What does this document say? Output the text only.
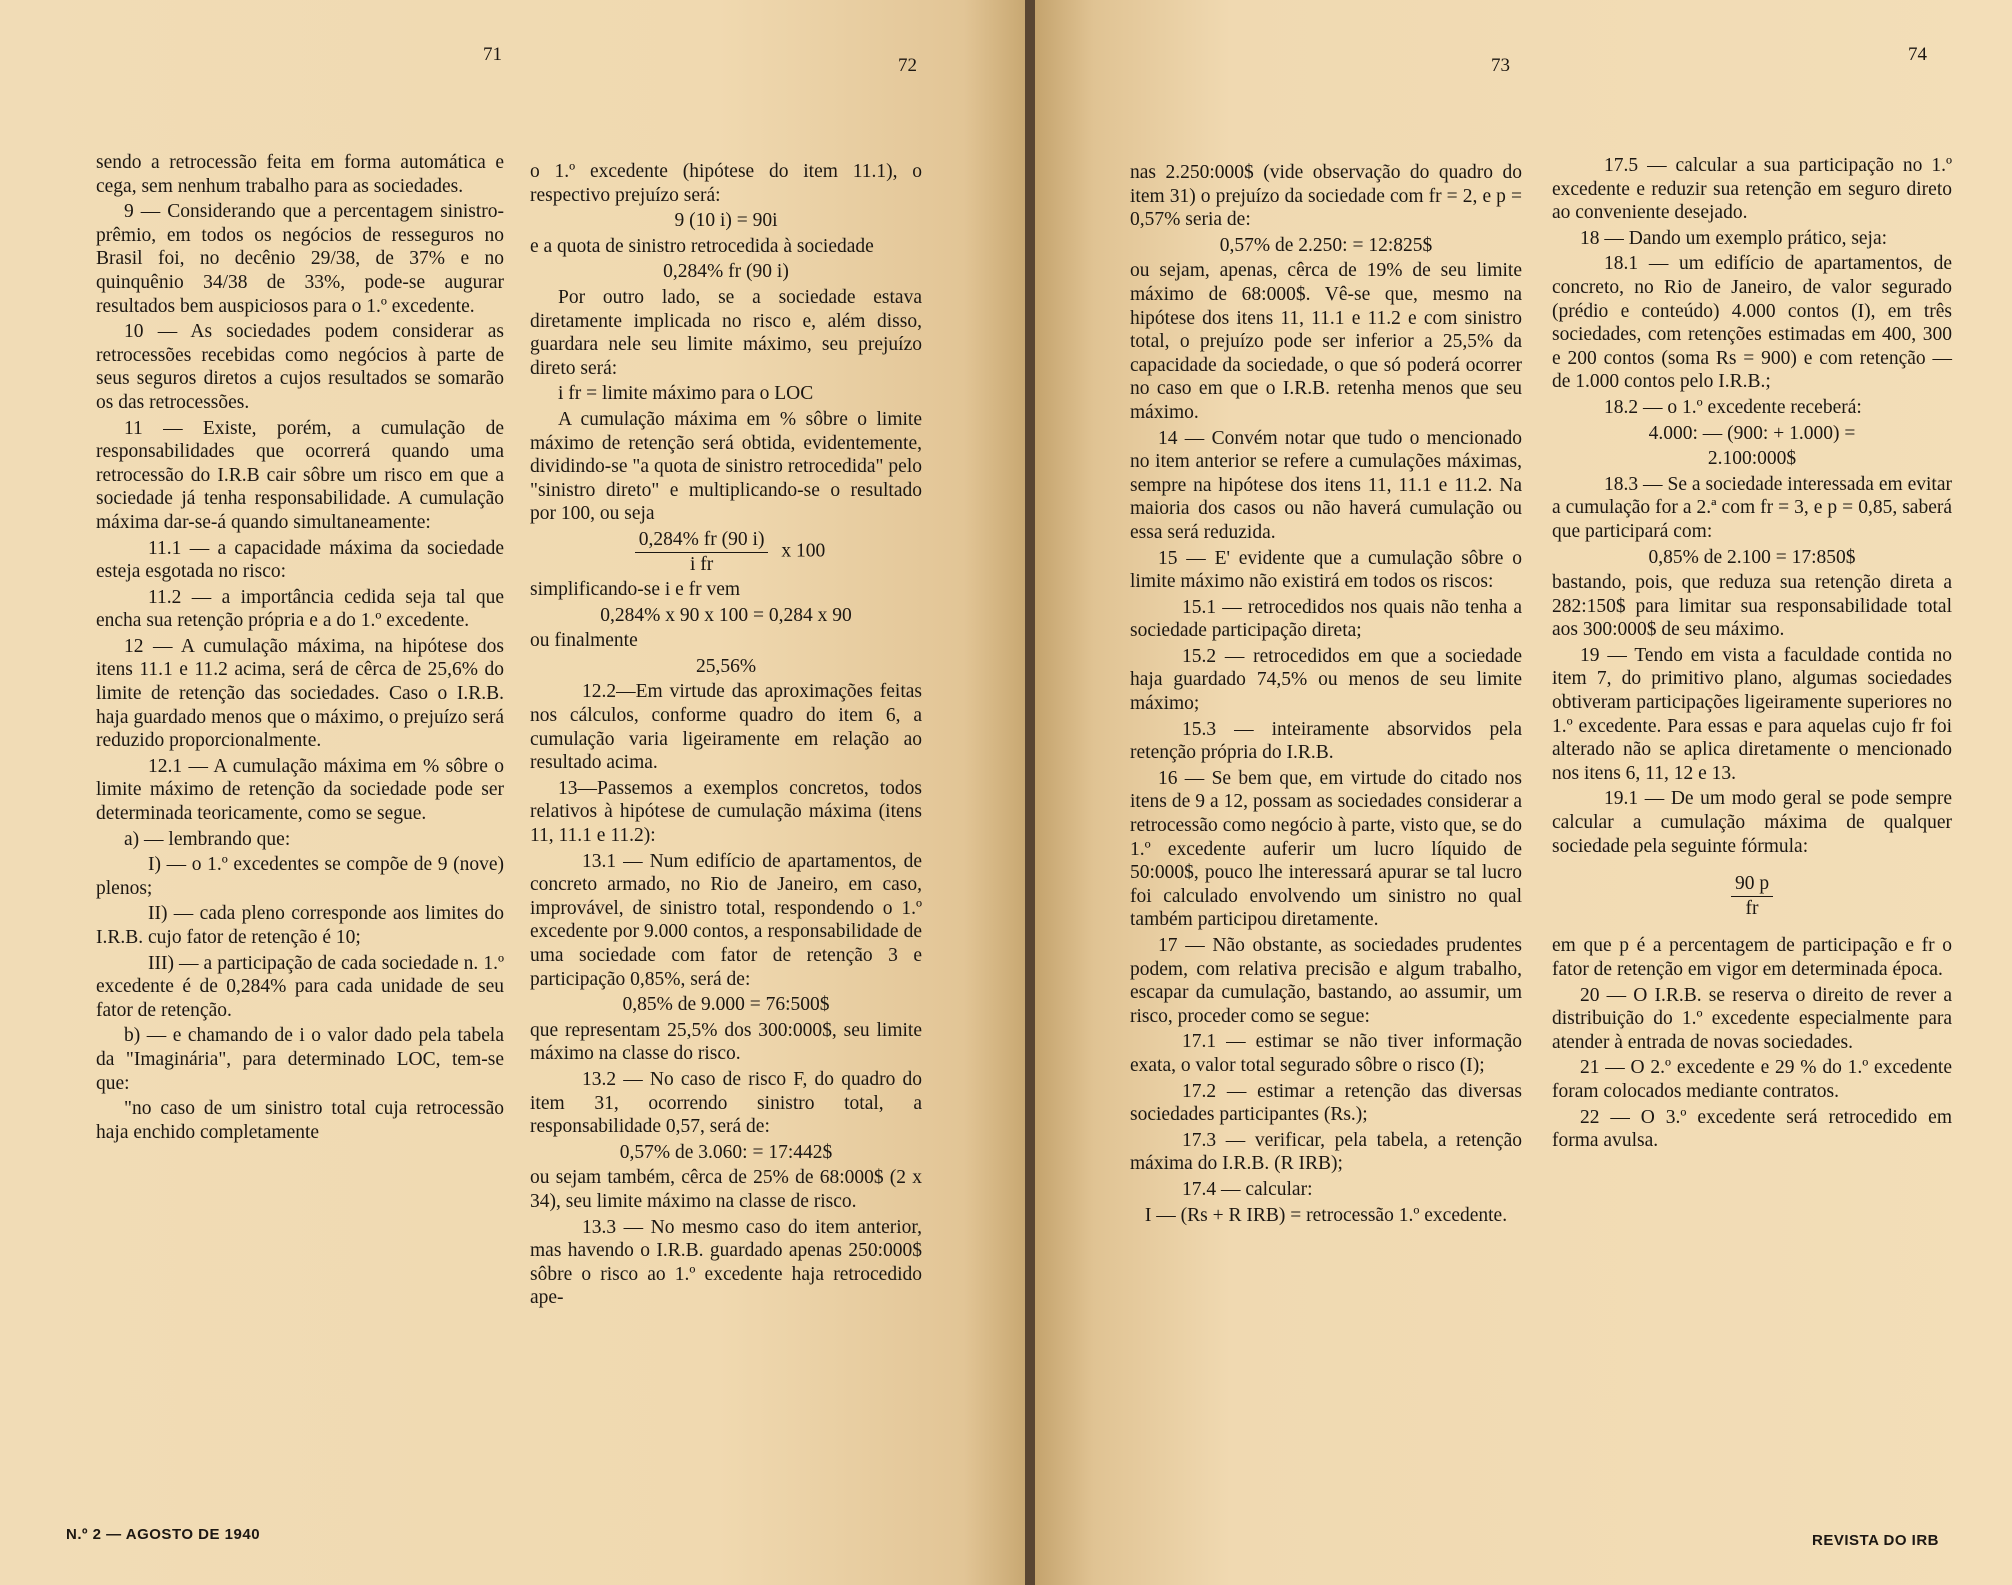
71
72

sendo a retrocessão feita em forma automática e cega, sem nenhum trabalho para as sociedades.

9 — Considerando que a percentagem sinistro-prêmio, em todos os negócios de resseguros no Brasil foi, no decênio 29/38, de 37% e no quinquênio 34/38 de 33%, pode-se augurar resultados bem auspiciosos para o 1.º excedente.

10 — As sociedades podem considerar as retrocessões recebidas como negócios à parte de seus seguros diretos a cujos resultados se somarão os das retrocessões.

11 — Existe, porém, a cumulação de responsabilidades que ocorrerá quando uma retrocessão do I.R.B cair sôbre um risco em que a sociedade já tenha responsabilidade. A cumulação máxima dar-se-á quando simultaneamente:

11.1 — a capacidade máxima da sociedade esteja esgotada no risco:

11.2 — a importância cedida seja tal que encha sua retenção própria e a do 1.º excedente.

12 — A cumulação máxima, na hipótese dos itens 11.1 e 11.2 acima, será de cêrca de 25,6% do limite de retenção das sociedades. Caso o I.R.B. haja guardado menos que o máximo, o prejuízo será reduzido proporcionalmente.

12.1 — A cumulação máxima em % sôbre o limite máximo de retenção da sociedade pode ser determinada teoricamente, como se segue.

a) — lembrando que:

I) — o 1.º excedentes se compõe de 9 (nove) plenos;

II) — cada pleno corresponde aos limites do I.R.B. cujo fator de retenção é 10;

III) — a participação de cada sociedade n. 1.º excedente é de 0,284% para cada unidade de seu fator de retenção.

b) — e chamando de i o valor dado pela tabela da "Imaginária", para determinado LOC, tem-se que:

"no caso de um sinistro total cuja retrocessão haja enchido completamente

o 1.º excedente (hipótese do item 11.1), o respectivo prejuízo será:

9 (10 i) = 90i

e a quota de sinistro retrocedida à sociedade

0,284% fr (90 i)

Por outro lado, se a sociedade estava diretamente implicada no risco e, além disso, guardara nele seu limite máximo, seu prejuízo direto será:

i fr = limite máximo para o LOC

A cumulação máxima em % sôbre o limite máximo de retenção será obtida, evidentemente, dividindo-se "a quota de sinistro retrocedida" pelo "sinistro direto" e multiplicando-se o resultado por 100, ou seja

$\frac{0,284\% fr (90 i)}{\text{i fr}}$ x 100

simplificando-se i e fr vem

0,284% x 90 x 100 = 0,284 x 90

ou finalmente

25,56%

12.2—Em virtude das aproximações feitas nos cálculos, conforme quadro do item 6, a cumulação varia ligeiramente em relação ao resultado acima.

13—Passemos a exemplos concretos, todos relativos à hipótese de cumulação máxima (itens 11, 11.1 e 11.2):

13.1 — Num edifício de apartamentos, de concreto armado, no Rio de Janeiro, em caso, improvável, de sinistro total, respondendo o 1.º excedente por 9.000 contos, a responsabilidade de uma sociedade com fator de retenção 3 e participação 0,85%, será de:

0,85% de 9.000 = 76:500$

que representam 25,5% dos 300:000$, seu limite máximo na classe do risco.

13.2 — No caso de risco F, do quadro do item 31, ocorrendo sinistro total, a responsabilidade 0,57, será de:

0,57% de 3.060: = 17:442$

ou sejam também, cêrca de 25% de 68:000$ (2 x 34), seu limite máximo na classe de risco.

13.3 — No mesmo caso do item anterior, mas havendo o I.R.B. guardado apenas 250:000$ sôbre o risco ao 1.º excedente haja retrocedido ape-

N.º 2 — AGOSTO DE 1940
73
74

nas 2.250:000$ (vide observação do quadro do item 31) o prejuízo da sociedade com fr = 2, e p = 0,57% seria de:

0,57% de 2.250: = 12:825$

ou sejam, apenas, cêrca de 19% de seu limite máximo de 68:000$. Vê-se que, mesmo na hipótese dos itens 11, 11.1 e 11.2 e com sinistro total, o prejuízo pode ser inferior a 25,5% da capacidade da sociedade, o que só poderá ocorrer no caso em que o I.R.B. retenha menos que seu máximo.

14 — Convém notar que tudo o mencionado no item anterior se refere a cumulações máximas, sempre na hipótese dos itens 11, 11.1 e 11.2. Na maioria dos casos ou não haverá cumulação ou essa será reduzida.

15 — E' evidente que a cumulação sôbre o limite máximo não existirá em todos os riscos:

15.1 — retrocedidos nos quais não tenha a sociedade participação direta;

15.2 — retrocedidos em que a sociedade haja guardado 74,5% ou menos de seu limite máximo;

15.3 — inteiramente absorvidos pela retenção própria do I.R.B.

16 — Se bem que, em virtude do citado nos itens de 9 a 12, possam as sociedades considerar a retrocessão como negócio à parte, visto que, se do 1.º excedente auferir um lucro líquido de 50:000$, pouco lhe interessará apurar se tal lucro foi calculado envolvendo um sinistro no qual também participou diretamente.

17 — Não obstante, as sociedades prudentes podem, com relativa precisão e algum trabalho, escapar da cumulação, bastando, ao assumir, um risco, proceder como se segue:

17.1 — estimar se não tiver informação exata, o valor total segurado sôbre o risco (I);

17.2 — estimar a retenção das diversas sociedades participantes (Rs.);

17.3 — verificar, pela tabela, a retenção máxima do I.R.B. (R IRB);

17.4 — calcular:

I — (Rs + R IRB) = retrocessão 1.º excedente.

17.5 — calcular a sua participação no 1.º excedente e reduzir sua retenção em seguro direto ao conveniente desejado.

18 — Dando um exemplo prático, seja:

18.1 — um edifício de apartamentos, de concreto, no Rio de Janeiro, de valor segurado (prédio e conteúdo) 4.000 contos (I), em três sociedades, com retenções estimadas em 400, 300 e 200 contos (soma Rs = 900) e com retenção — de 1.000 contos pelo I.R.B.;

18.2 — o 1.º excedente receberá:

4.000: — (900: + 1.000) =

2.100:000$

18.3 — Se a sociedade interessada em evitar a cumulação for a 2.ª com fr = 3, e p = 0,85, saberá que participará com:

0,85% de 2.100 = 17:850$

bastando, pois, que reduza sua retenção direta a 282:150$ para limitar sua responsabilidade total aos 300:000$ de seu máximo.

19 — Tendo em vista a faculdade contida no item 7, do primitivo plano, algumas sociedades obtiveram participações ligeiramente superiores no 1.º excedente. Para essas e para aquelas cujo fr foi alterado não se aplica diretamente o mencionado nos itens 6, 11, 12 e 13.

19.1 — De um modo geral se pode sempre calcular a cumulação máxima de qualquer sociedade pela seguinte fórmula:

$\frac{90 p}{fr}$

em que p é a percentagem de participação e fr o fator de retenção em vigor em determinada época.

20 — O I.R.B. se reserva o direito de rever a distribuição do 1.º excedente especialmente para atender à entrada de novas sociedades.

21 — O 2.º excedente e 29 % do 1.º excedente foram colocados mediante contratos.

22 — O 3.º excedente será retrocedido em forma avulsa.

REVISTA DO IRB
